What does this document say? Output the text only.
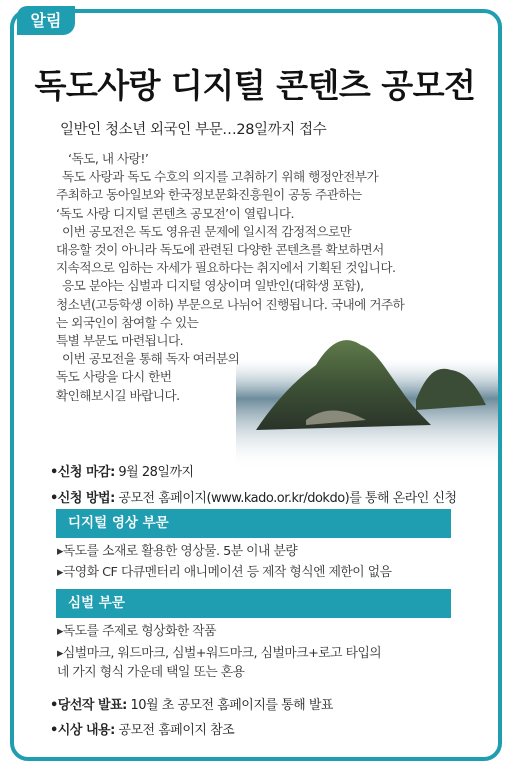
알림
독도사랑 디지털 콘텐츠 공모전
일반인 청소년 외국인 부문…28일까지 접수

‘독도, 내 사랑!’

독도 사랑과 독도 수호의 의지를 고취하기 위해 행정안전부가

주최하고 동아일보와 한국정보문화진흥원이 공동 주관하는

‘독도 사랑 디지털 콘텐츠 공모전’이 열립니다.

이번 공모전은 독도 영유권 문제에 일시적 감정적으로만

대응할 것이 아니라 독도에 관련된 다양한 콘텐츠를 확보하면서

지속적으로 임하는 자세가 필요하다는 취지에서 기획된 것입니다.

응모 분야는 심벌과 디지털 영상이며 일반인(대학생 포함),

청소년(고등학생 이하) 부문으로 나뉘어 진행됩니다. 국내에 거주하

는 외국인이 참여할 수 있는

특별 부문도 마련됩니다.

이번 공모전을 통해 독자 여러분의

독도 사랑을 다시 한번

확인해보시길 바랍니다.

•신청 마감: 9월 28일까지
•신청 방법: 공모전 홈페이지(www.kado.or.kr/dokdo)를 통해 온라인 신청
디지털 영상 부문
▸독도를 소재로 활용한 영상물. 5분 이내 분량
▸극영화 CF 다큐멘터리 애니메이션 등 제작 형식엔 제한이 없음
심벌 부문
▸독도를 주제로 형상화한 작품
▸심벌마크, 워드마크, 심벌+워드마크, 심벌마크+로고 타입의
네 가지 형식 가운데 택일 또는 혼용
•당선작 발표: 10월 초 공모전 홈페이지를 통해 발표
•시상 내용: 공모전 홈페이지 참조
